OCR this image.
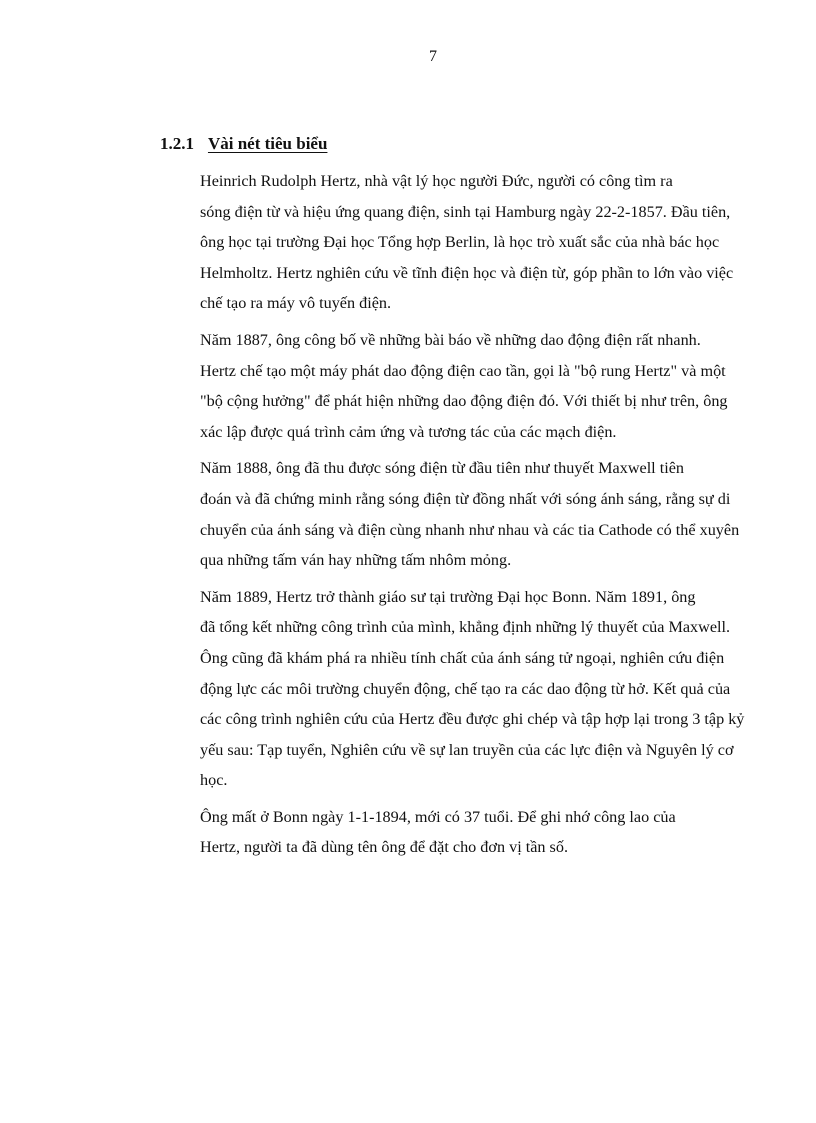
7
1.2.1 Vài nét tiêu biểu

Heinrich Rudolph Hertz, nhà vật lý học người Đức, người có công tìm ra
sóng điện từ và hiệu ứng quang điện, sinh tại Hamburg ngày 22-2-1857. Đầu tiên,
ông học tại trường Đại học Tổng hợp Berlin, là học trò xuất sắc của nhà bác học
Helmholtz. Hertz nghiên cứu về tĩnh điện học và điện từ, góp phần to lớn vào việc
chế tạo ra máy vô tuyến điện.

Năm 1887, ông công bố về những bài báo về những dao động điện rất nhanh.
Hertz chế tạo một máy phát dao động điện cao tần, gọi là "bộ rung Hertz" và một
"bộ cộng hưởng" để phát hiện những dao động điện đó. Với thiết bị như trên, ông
xác lập được quá trình cảm ứng và tương tác của các mạch điện.

Năm 1888, ông đã thu được sóng điện từ đầu tiên như thuyết Maxwell tiên
đoán và đã chứng minh rằng sóng điện từ đồng nhất với sóng ánh sáng, rằng sự di
chuyển của ánh sáng và điện cùng nhanh như nhau và các tia Cathode có thể xuyên
qua những tấm ván hay những tấm nhôm mỏng.

Năm 1889, Hertz trở thành giáo sư tại trường Đại học Bonn. Năm 1891, ông
đã tổng kết những công trình của mình, khẳng định những lý thuyết của Maxwell.
Ông cũng đã khám phá ra nhiều tính chất của ánh sáng tử ngoại, nghiên cứu điện
động lực các môi trường chuyển động, chế tạo ra các dao động từ hở. Kết quả của
các công trình nghiên cứu của Hertz đều được ghi chép và tập hợp lại trong 3 tập kỷ
yếu sau: Tạp tuyển, Nghiên cứu về sự lan truyền của các lực điện và Nguyên lý cơ
học.

Ông mất ở Bonn ngày 1-1-1894, mới có 37 tuổi. Để ghi nhớ công lao của
Hertz, người ta đã dùng tên ông để đặt cho đơn vị tần số.
